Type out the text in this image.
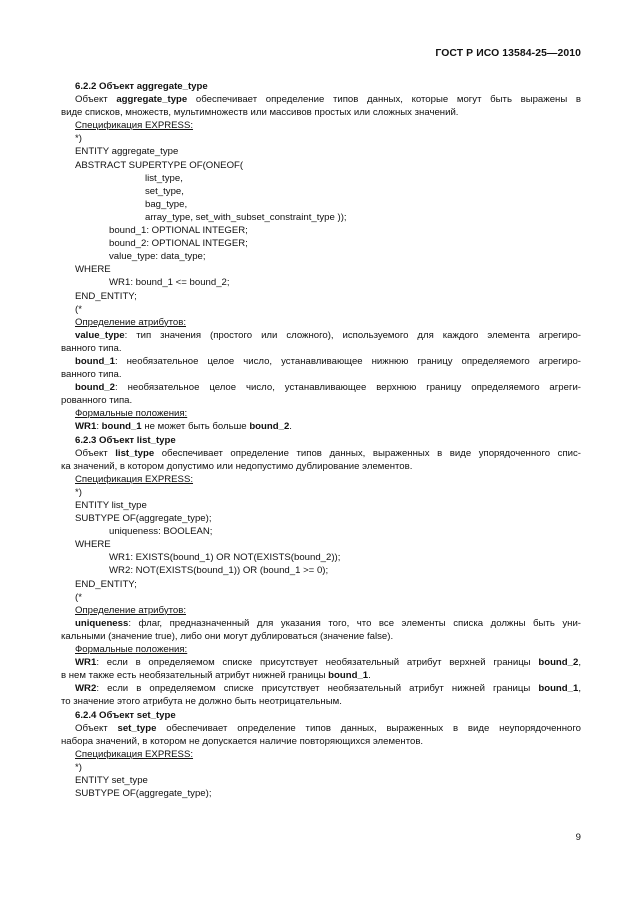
ГОСТ Р ИСО 13584-25—2010
6.2.2 Объект aggregate_type
Объект aggregate_type обеспечивает определение типов данных, которые могут быть выражены в
виде списков, множеств, мультимножеств или массивов простых или сложных значений.
Спецификация EXPRESS:
*)
ENTITY aggregate_type
ABSTRACT SUPERTYPE OF(ONEOF(
list_type,
set_type,
bag_type,
array_type, set_with_subset_constraint_type ));
bound_1: OPTIONAL INTEGER;
bound_2: OPTIONAL INTEGER;
value_type: data_type;
WHERE
WR1: bound_1 <= bound_2;
END_ENTITY;
(*
Определение атрибутов:
value_type: тип значения (простого или сложного), используемого для каждого элемента агрегиро-
ванного типа.
bound_1: необязательное целое число, устанавливающее нижнюю границу определяемого агрегиро-
ванного типа.
bound_2: необязательное целое число, устанавливающее верхнюю границу определяемого агреги-
рованного типа.
Формальные положения:
WR1: bound_1 не может быть больше bound_2.
6.2.3 Объект list_type
Объект list_type обеспечивает определение типов данных, выраженных в виде упорядоченного спис-
ка значений, в котором допустимо или недопустимо дублирование элементов.
Спецификация EXPRESS:
*)
ENTITY list_type
SUBTYPE OF(aggregate_type);
uniqueness: BOOLEAN;
WHERE
WR1: EXISTS(bound_1) OR NOT(EXISTS(bound_2));
WR2: NOT(EXISTS(bound_1)) OR (bound_1 >= 0);
END_ENTITY;
(*
Определение атрибутов:
uniqueness: флаг, предназначенный для указания того, что все элементы списка должны быть уни-
кальными (значение true), либо они могут дублироваться (значение false).
Формальные положения:
WR1: если в определяемом списке присутствует необязательный атрибут верхней границы bound_2,
в нем также есть необязательный атрибут нижней границы bound_1.
WR2: если в определяемом списке присутствует необязательный атрибут нижней границы bound_1,
то значение этого атрибута не должно быть неотрицательным.
6.2.4 Объект set_type
Объект set_type обеспечивает определение типов данных, выраженных в виде неупорядоченного
набора значений, в котором не допускается наличие повторяющихся элементов.
Спецификация EXPRESS:
*)
ENTITY set_type
SUBTYPE OF(aggregate_type);
9
